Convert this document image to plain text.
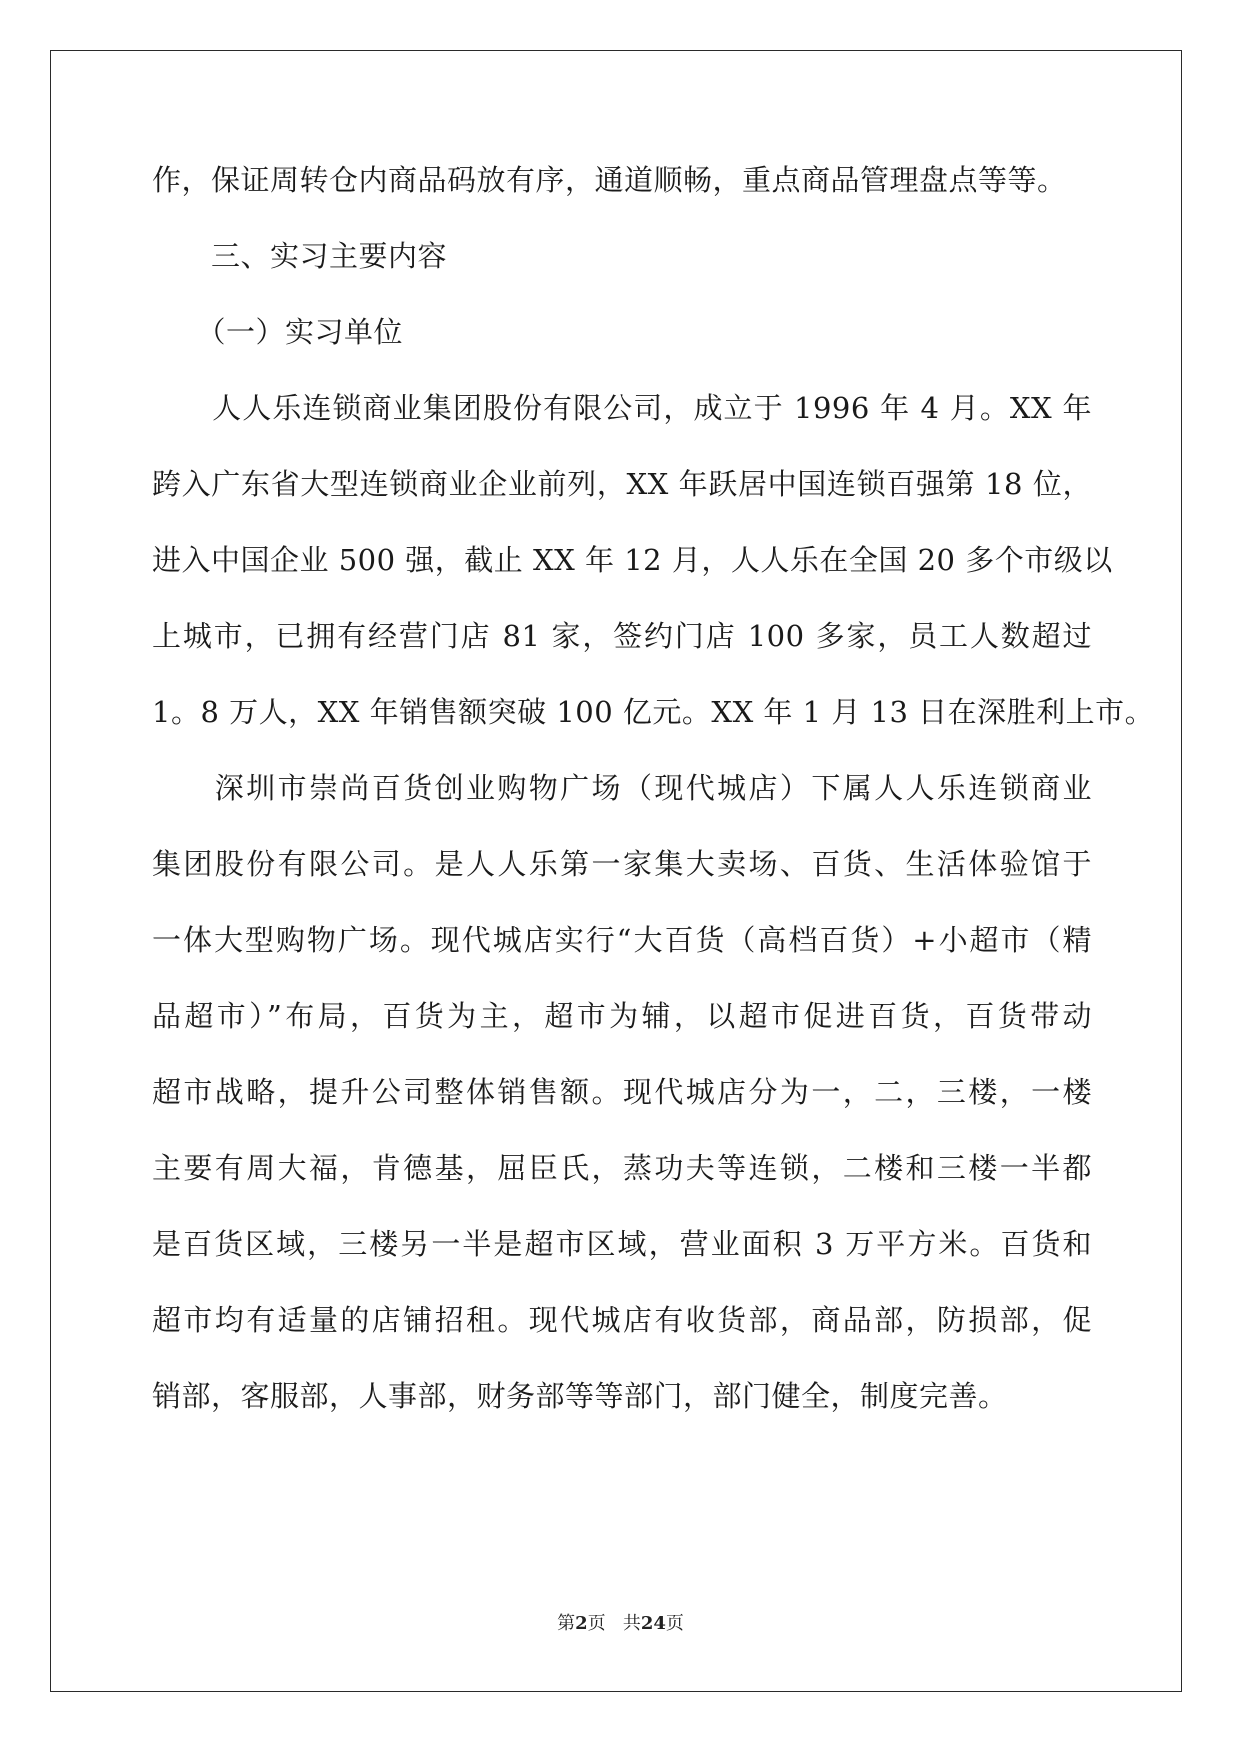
作，保证周转仓内商品码放有序，通道顺畅，重点商品管理盘点等等。
　　三、实习主要内容
　　（一）实习单位
　　人人乐连锁商业集团股份有限公司，成立于 1996 年 4 月。XX 年
跨入广东省大型连锁商业企业前列，XX 年跃居中国连锁百强第 18 位，
进入中国企业 500 强，截止 XX 年 12 月，人人乐在全国 20 多个市级以
上城市，已拥有经营门店 81 家，签约门店 100 多家，员工人数超过
1。8 万人，XX 年销售额突破 100 亿元。XX 年 1 月 13 日在深胜利上市。
　　深圳市崇尚百货创业购物广场（现代城店）下属人人乐连锁商业
集团股份有限公司。是人人乐第一家集大卖场、百货、生活体验馆于
一体大型购物广场。现代城店实行“大百货（高档百货）+小超市（精
品超市）”布局，百货为主，超市为辅，以超市促进百货，百货带动
超市战略，提升公司整体销售额。现代城店分为一，二，三楼，一楼
主要有周大福，肯德基，屈臣氏，蒸功夫等连锁，二楼和三楼一半都
是百货区域，三楼另一半是超市区域，营业面积 3 万平方米。百货和
超市均有适量的店铺招租。现代城店有收货部，商品部，防损部，促
销部，客服部，人事部，财务部等等部门，部门健全，制度完善。
第2页 共24页
